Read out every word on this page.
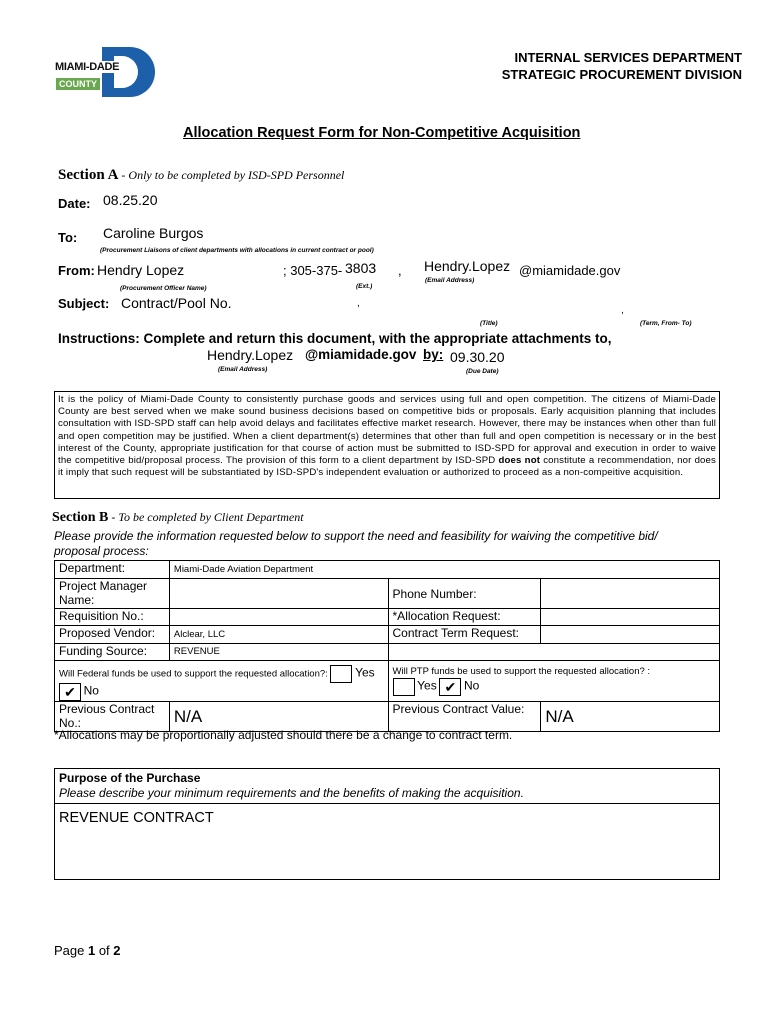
MIAMI-DADE
COUNTY
INTERNAL SERVICES DEPARTMENT
STRATEGIC PROCUREMENT DIVISION
Allocation Request Form for Non-Competitive Acquisition
Section A - Only to be completed by ISD-SPD Personnel
Date: 08.25.20
To: Caroline Burgos
(Procurement Liaisons of client departments with allocations in current contract or pool)
From: Hendry Lopez	; 305-375- 3803 , Hendry.Lopez @miamidade.gov
(Procurement Officer Name)	(Ext.)
(Email Address)
Subject: Contract/Pool No.	,
,
(Title)	(Term, From- To)
Instructions: Complete and return this document, with the appropriate attachments to,
Hendry.Lopez @miamidade.gov by: 09.30.20
(Email Address)	(Due Date)
It is the policy of Miami-Dade County to consistently purchase goods and services using full and open competition. The citizens of Miami-Dade County are best served when we make sound business decisions based on competitive bids or proposals. Early acquisition planning that includes consultation with ISD-SPD staff can help avoid delays and facilitates effective market research. However, there may be instances when other than full and open competition may be justified. When a client department(s) determines that other than full and open competition is necessary or in the best interest of the County, appropriate justification for that course of action must be submitted to ISD-SPD for approval and execution in order to waive the competitive bid/proposal process. The provision of this form to a client department by ISD-SPD does not constitute a recommendation, nor does it imply that such request will be substantiated by ISD-SPD's independent evaluation or authorized to proceed as a non-compeitive acquisition.
Section B - To be completed by Client Department
Please provide the information requested below to support the need and feasibility for waiving the competitive bid/ proposal process:
Department:	Miami-Dade Aviation Department		
Project Manager Name:		Phone Number:	
Requisition No.:		*Allocation Request:	
Proposed Vendor:	Alclear, LLC	Contract Term Request:	
Funding Source:	REVENUE		
Will Federal funds be used to support the requested allocation?: Yes ✔ No		Will PTP funds be used to support the requested allocation? :
Yes ✔ No	
Previous Contract No.:	N/A	Previous Contract Value:	N/A
*Allocations may be proportionally adjusted should there be a change to contract term.
Purpose of the Purchase
Please describe your minimum requirements and the benefits of making the acquisition.
REVENUE CONTRACT
Page 1 of 2
